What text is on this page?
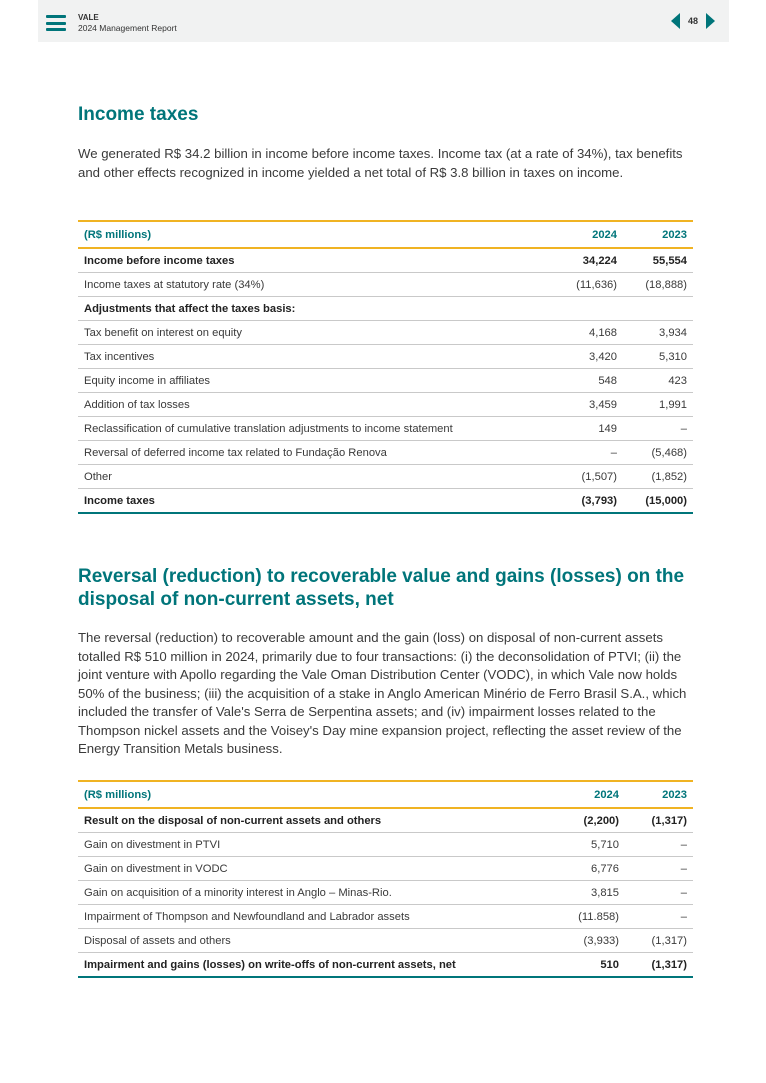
VALE
2024 Management Report
48
Income taxes

We generated R$ 34.2 billion in income before income taxes. Income tax (at a rate of 34%), tax benefits and other effects recognized in income yielded a net total of R$ 3.8 billion in taxes on income.

(R$ millions)	2024	2023
Income before income taxes	34,224	55,554
Income taxes at statutory rate (34%)	(11,636)	(18,888)
Adjustments that affect the taxes basis:		
Tax benefit on interest on equity	4,168	3,934
Tax incentives	3,420	5,310
Equity income in affiliates	548	423
Addition of tax losses	3,459	1,991
Reclassification of cumulative translation adjustments to income statement	149	–
Reversal of deferred income tax related to Fundação Renova	–	(5,468)
Other	(1,507)	(1,852)
Income taxes	(3,793)	(15,000)
Reversal (reduction) to recoverable value and gains (losses) on the disposal of non-current assets, net

The reversal (reduction) to recoverable amount and the gain (loss) on disposal of non-current assets totalled R$ 510 million in 2024, primarily due to four transactions: (i) the deconsolidation of PTVI; (ii) the joint venture with Apollo regarding the Vale Oman Distribution Center (VODC), in which Vale now holds 50% of the business; (iii) the acquisition of a stake in Anglo American Minério de Ferro Brasil S.A., which included the transfer of Vale's Serra de Serpentina assets; and (iv) impairment losses related to the Thompson nickel assets and the Voisey's Day mine expansion project, reflecting the asset review of the Energy Transition Metals business.

(R$ millions)	2024	2023
Result on the disposal of non-current assets and others	(2,200)	(1,317)
Gain on divestment in PTVI	5,710	–
Gain on divestment in VODC	6,776	–
Gain on acquisition of a minority interest in Anglo – Minas-Rio.	3,815	–
Impairment of Thompson and Newfoundland and Labrador assets	(11.858)	–
Disposal of assets and others	(3,933)	(1,317)
Impairment and gains (losses) on write-offs of non-current assets, net	510	(1,317)
